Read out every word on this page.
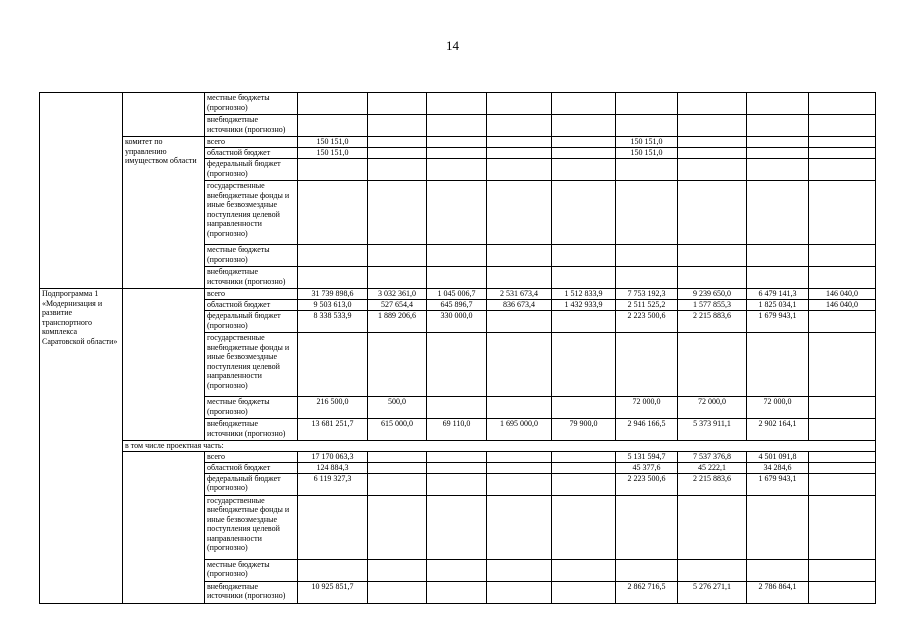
14
		местные бюджеты (прогнозно)									
		внебюджетные источники (прогнозно)									
	комитет по управлению имуществом области	всего	150 151,0					150 151,0			
		областной бюджет	150 151,0					150 151,0			
		федеральный бюджет (прогнозно)									
		государственные внебюджетные фонды и иные безвозмездные поступления целевой направленности (прогнозно)									
		местные бюджеты (прогнозно)									
		внебюджетные источники (прогнозно)									
Подпрограмма 1 «Модернизация и развитие транспортного комплекса Саратовской области»		всего	31 739 898,6	3 032 361,0	1 045 006,7	2 531 673,4	1 512 833,9	7 753 192,3	9 239 650,0	6 479 141,3	146 040,0
		областной бюджет	9 503 613,0	527 654,4	645 896,7	836 673,4	1 432 933,9	2 511 525,2	1 577 855,3	1 825 034,1	146 040,0
		федеральный бюджет (прогнозно)	8 338 533,9	1 889 206,6	330 000,0			2 223 500,6	2 215 883,6	1 679 943,1	
		государственные внебюджетные фонды и иные безвозмездные поступления целевой направленности (прогнозно)									
		местные бюджеты (прогнозно)	216 500,0	500,0				72 000,0	72 000,0	72 000,0	
		внебюджетные источники (прогнозно)	13 681 251,7	615 000,0	69 110,0	1 695 000,0	79 900,0	2 946 166,5	5 373 911,1	2 902 164,1	
	в том числе проектная часть:										
		всего	17 170 063,3					5 131 594,7	7 537 376,8	4 501 091,8	
		областной бюджет	124 884,3					45 377,6	45 222,1	34 284,6	
		федеральный бюджет (прогнозно)	6 119 327,3					2 223 500,6	2 215 883,6	1 679 943,1	
		государственные внебюджетные фонды и иные безвозмездные поступления целевой направленности (прогнозно)									
		местные бюджеты (прогнозно)									
		внебюджетные источники (прогнозно)	10 925 851,7					2 862 716,5	5 276 271,1	2 786 864,1	
